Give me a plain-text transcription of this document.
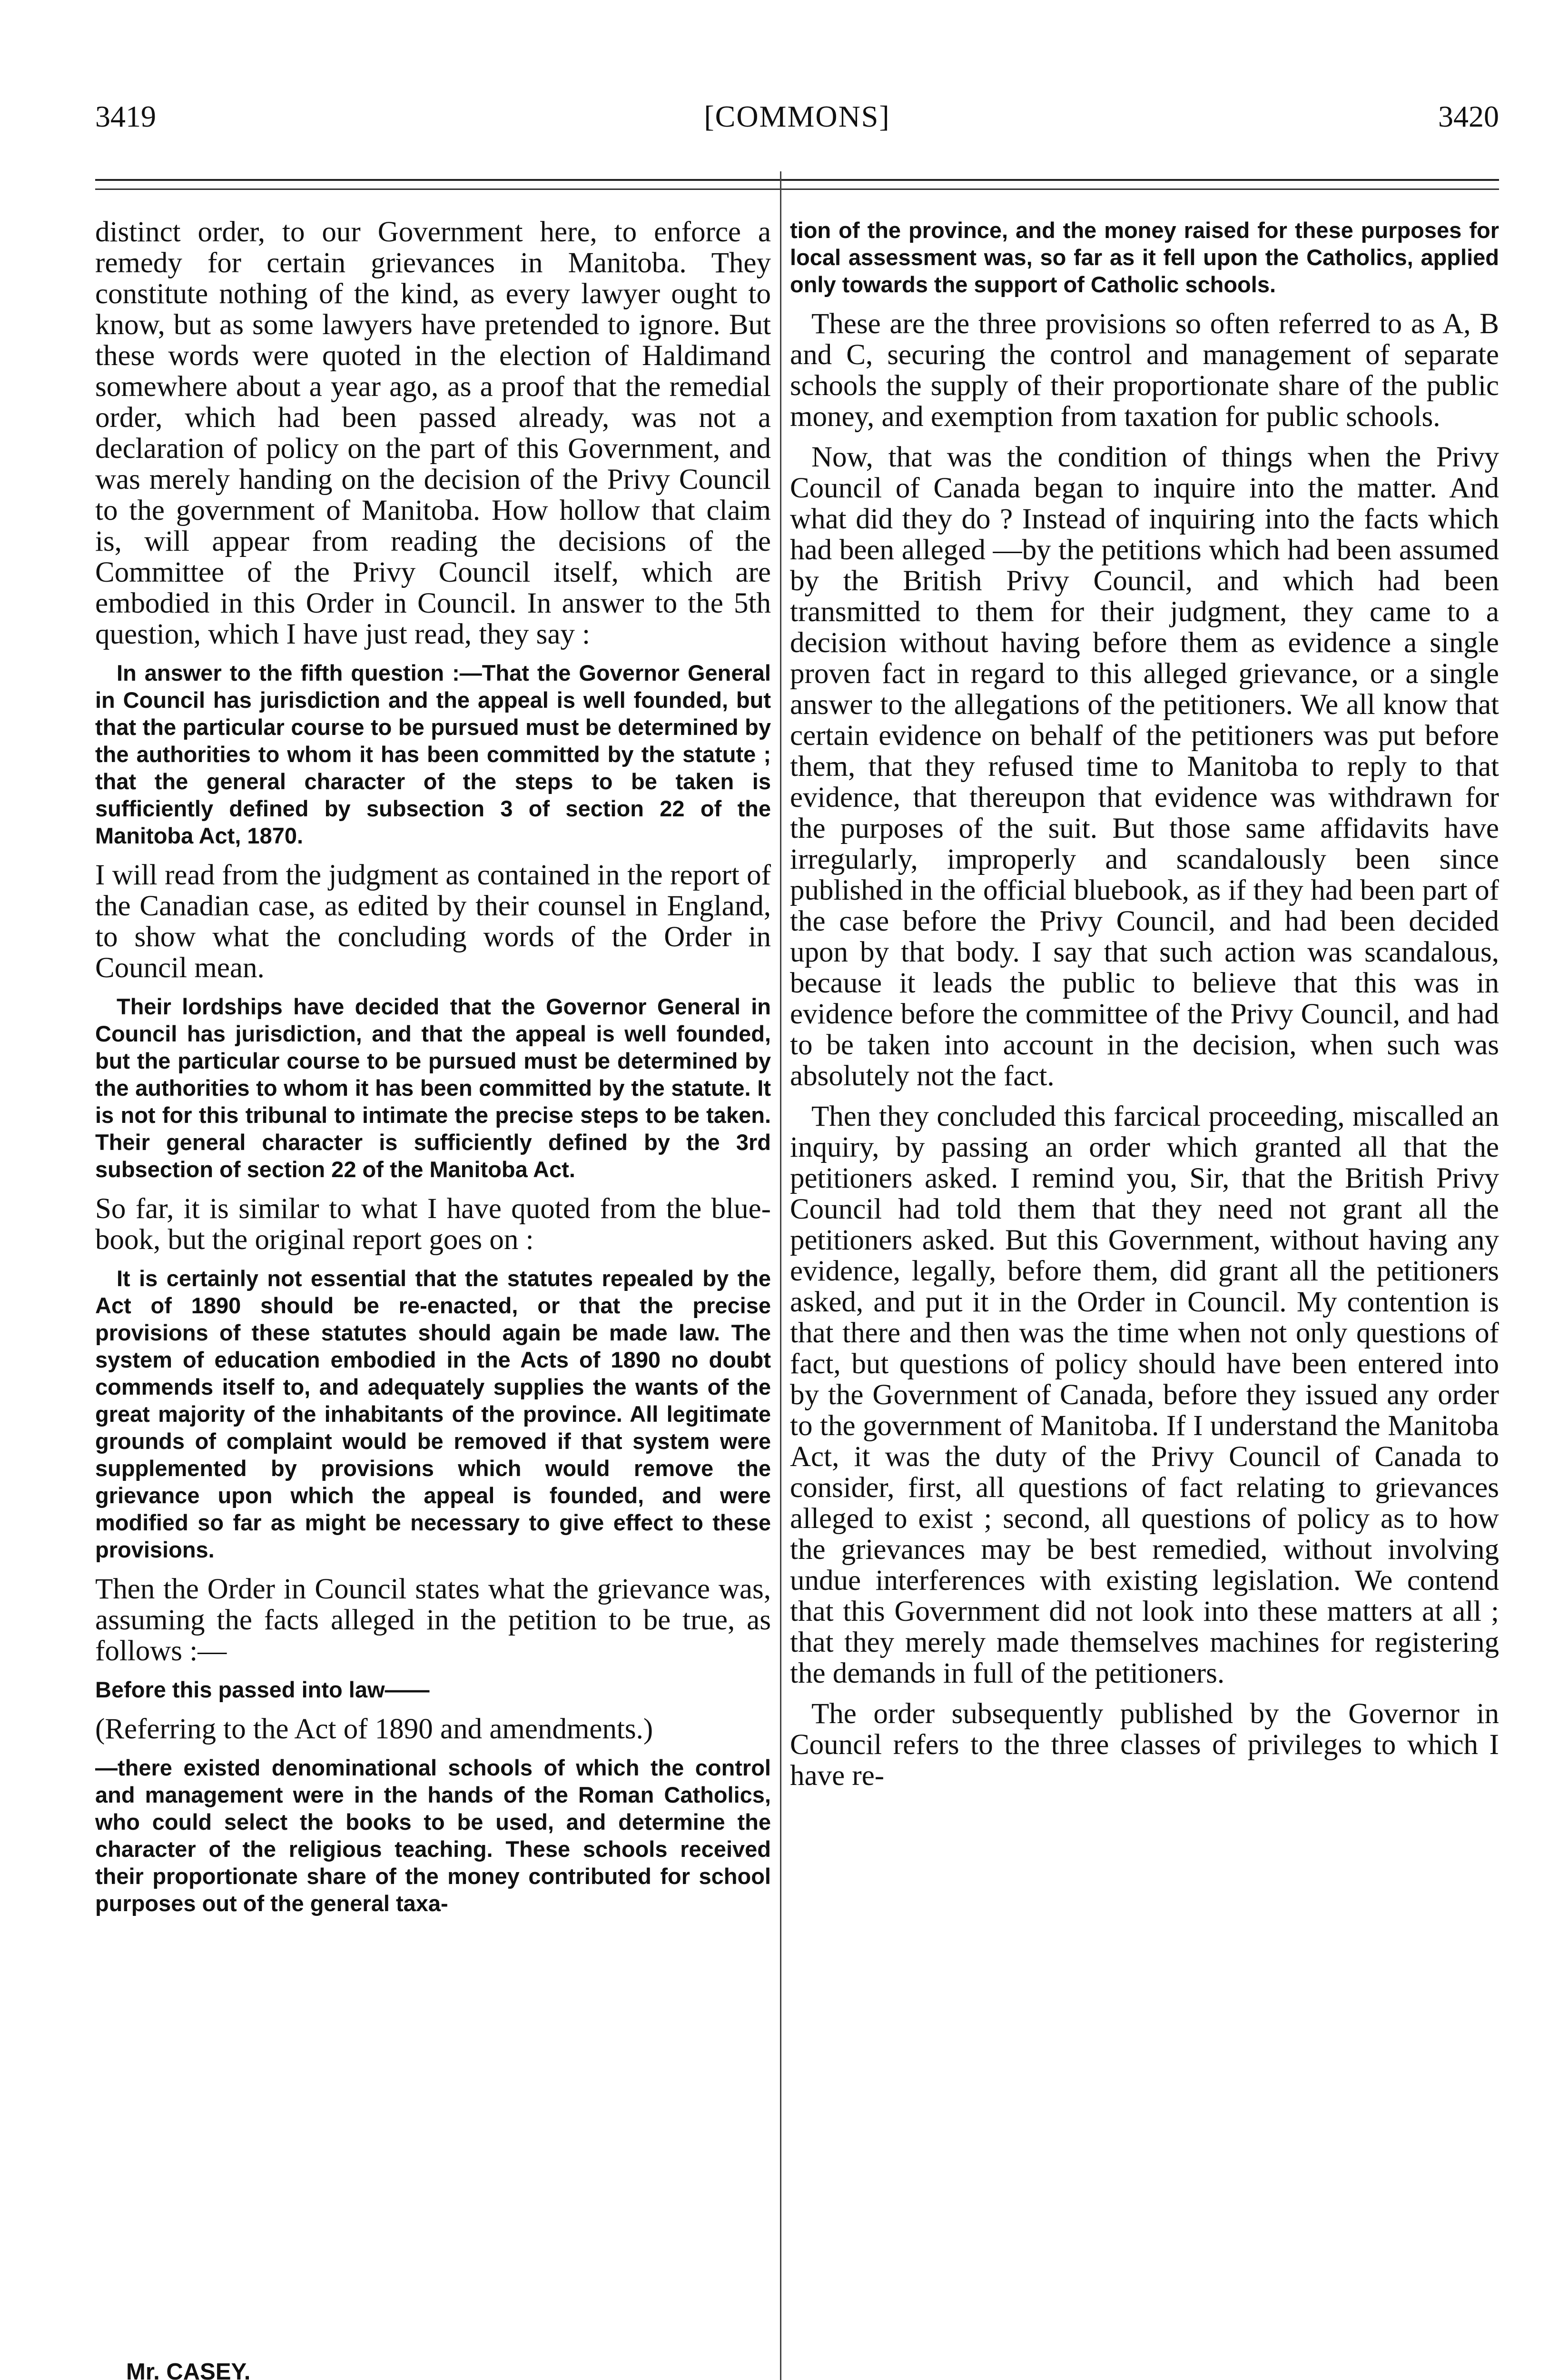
3419	[COMMONS]	3420

distinct order, to our Government here, to enforce a remedy for certain grievances in Manitoba. They constitute nothing of the kind, as every lawyer ought to know, but as some lawyers have pretended to ignore. But these words were quoted in the election of Haldimand somewhere about a year ago, as a proof that the remedial order, which had been passed already, was not a declaration of policy on the part of this Government, and was merely handing on the decision of the Privy Council to the government of Manitoba. How hollow that claim is, will appear from reading the decisions of the Committee of the Privy Council itself, which are embodied in this Order in Council. In answer to the 5th question, which I have just read, they say :

In answer to the fifth question :—That the Governor General in Council has jurisdiction and the appeal is well founded, but that the particular course to be pursued must be determined by the authorities to whom it has been committed by the statute ; that the general character of the steps to be taken is sufficiently defined by subsection 3 of section 22 of the Manitoba Act, 1870.

I will read from the judgment as contained in the report of the Canadian case, as edited by their counsel in England, to show what the concluding words of the Order in Council mean.

Their lordships have decided that the Governor General in Council has jurisdiction, and that the appeal is well founded, but the particular course to be pursued must be determined by the authorities to whom it has been committed by the statute. It is not for this tribunal to intimate the precise steps to be taken. Their general character is sufficiently defined by the 3rd subsection of section 22 of the Manitoba Act.

So far, it is similar to what I have quoted from the blue-book, but the original report goes on :

It is certainly not essential that the statutes repealed by the Act of 1890 should be re-enacted, or that the precise provisions of these statutes should again be made law. The system of education embodied in the Acts of 1890 no doubt commends itself to, and adequately supplies the wants of the great majority of the inhabitants of the province. All legitimate grounds of complaint would be removed if that system were supplemented by provisions which would remove the grievance upon which the appeal is founded, and were modified so far as might be necessary to give effect to these provisions.

Then the Order in Council states what the grievance was, assuming the facts alleged in the petition to be true, as follows :—

Before this passed into law——

(Referring to the Act of 1890 and amendments.)

—there existed denominational schools of which the control and management were in the hands of the Roman Catholics, who could select the books to be used, and determine the character of the religious teaching. These schools received their proportionate share of the money contributed for school purposes out of the general taxa-

tion of the province, and the money raised for these purposes for local assessment was, so far as it fell upon the Catholics, applied only towards the support of Catholic schools.

These are the three provisions so often referred to as A, B and C, securing the control and management of separate schools the supply of their proportionate share of the public money, and exemption from taxation for public schools.

Now, that was the condition of things when the Privy Council of Canada began to inquire into the matter. And what did they do ? Instead of inquiring into the facts which had been alleged —by the petitions which had been assumed by the British Privy Council, and which had been transmitted to them for their judgment, they came to a decision without having before them as evidence a single proven fact in regard to this alleged grievance, or a single answer to the allegations of the petitioners. We all know that certain evidence on behalf of the petitioners was put before them, that they refused time to Manitoba to reply to that evidence, that thereupon that evidence was withdrawn for the purposes of the suit. But those same affidavits have irregularly, improperly and scandalously been since published in the official bluebook, as if they had been part of the case before the Privy Council, and had been decided upon by that body. I say that such action was scandalous, because it leads the public to believe that this was in evidence before the committee of the Privy Council, and had to be taken into account in the decision, when such was absolutely not the fact.

Then they concluded this farcical proceeding, miscalled an inquiry, by passing an order which granted all that the petitioners asked. I remind you, Sir, that the British Privy Council had told them that they need not grant all the petitioners asked. But this Government, without having any evidence, legally, before them, did grant all the petitioners asked, and put it in the Order in Council. My contention is that there and then was the time when not only questions of fact, but questions of policy should have been entered into by the Government of Canada, before they issued any order to the government of Manitoba. If I understand the Manitoba Act, it was the duty of the Privy Council of Canada to consider, first, all questions of fact relating to grievances alleged to exist ; second, all questions of policy as to how the grievances may be best remedied, without involving undue interferences with existing legislation. We contend that this Government did not look into these matters at all ; that they merely made themselves machines for registering the demands in full of the petitioners.

The order subsequently published by the Governor in Council refers to the three classes of privileges to which I have re-

Mr. CASEY.
